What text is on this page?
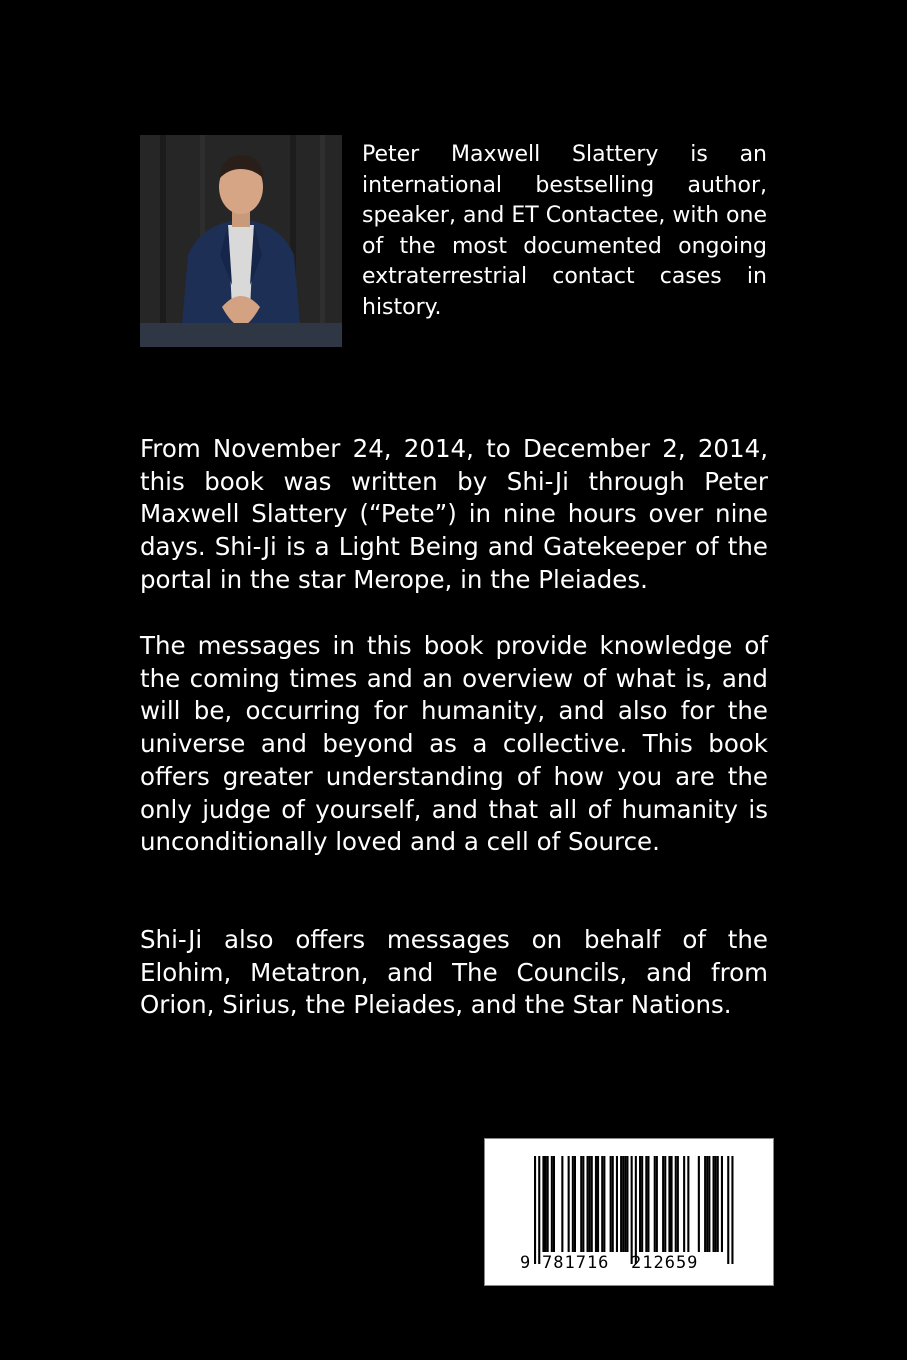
Peter Maxwell Slattery is an international bestselling author, speaker, and ET Contactee, with one of the most documented ongoing extraterrestrial contact cases in history.

From November 24, 2014, to December 2, 2014, this book was written by Shi-Ji through Peter Maxwell Slattery (“Pete”) in nine hours over nine days. Shi-Ji is a Light Being and Gatekeeper of the portal in the star Merope, in the Pleiades.

The messages in this book provide knowledge of the coming times and an overview of what is, and will be, occurring for humanity, and also for the universe and beyond as a collective. This book offers greater understanding of how you are the only judge of yourself, and that all of humanity is unconditionally loved and a cell of Source.

Shi-Ji also offers messages on behalf of the Elohim, Metatron, and The Councils, and from Orion, Sirius, the Pleiades, and the Star Nations.

9 781716 212659
